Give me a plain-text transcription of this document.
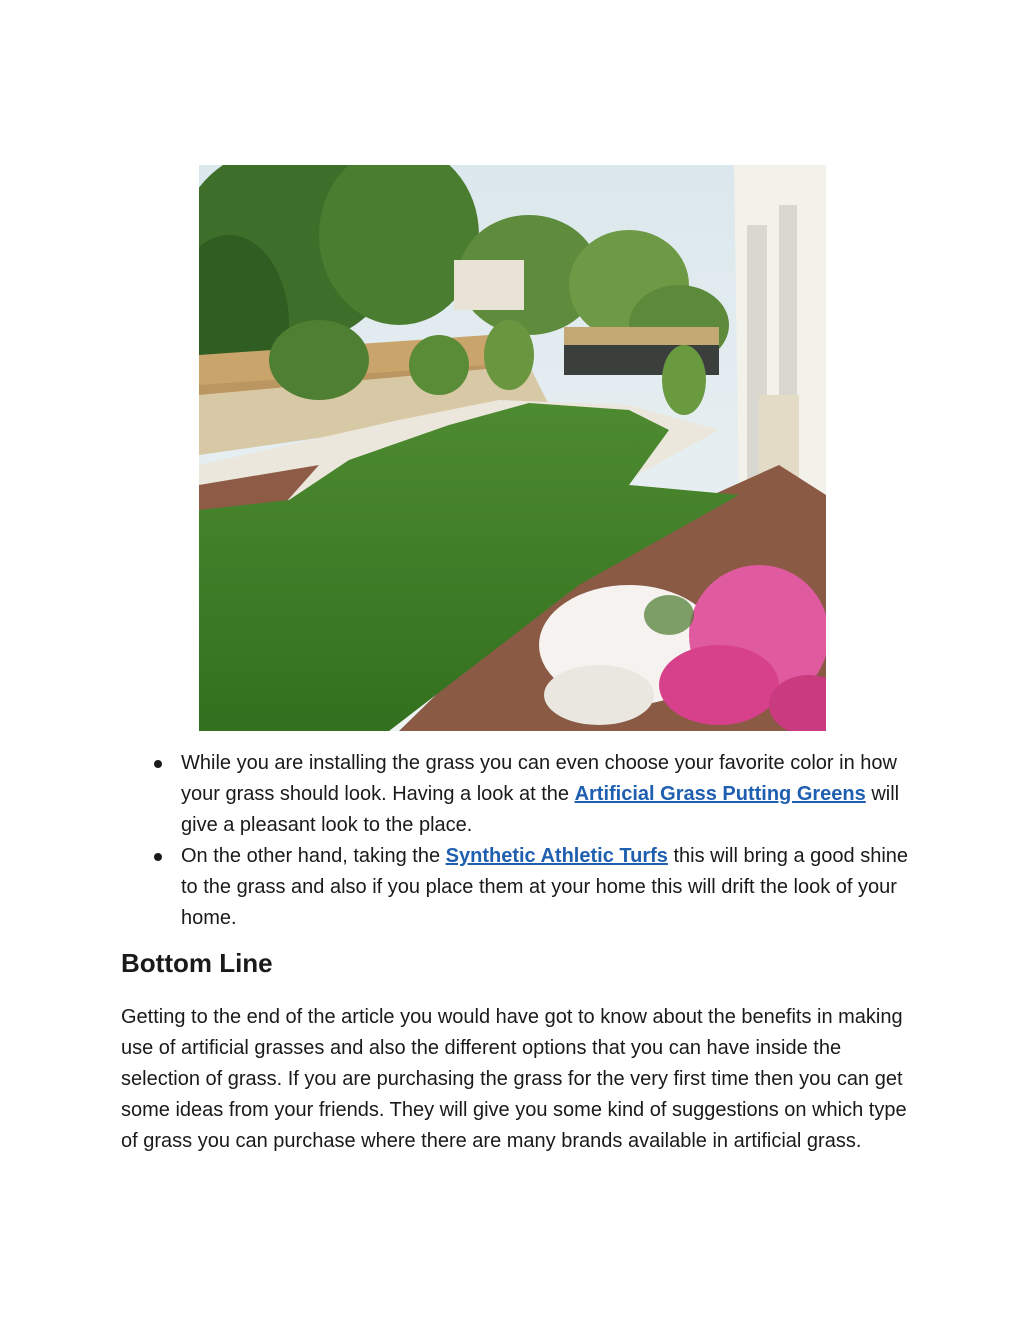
While you are installing the grass you can even choose your favorite color in how your grass should look. Having a look at the Artificial Grass Putting Greens will give a pleasant look to the place.
On the other hand, taking the Synthetic Athletic Turfs this will bring a good shine to the grass and also if you place them at your home this will drift the look of your home.
Bottom Line

Getting to the end of the article you would have got to know about the benefits in making use of artificial grasses and also the different options that you can have inside the selection of grass. If you are purchasing the grass for the very first time then you can get some ideas from your friends. They will give you some kind of suggestions on which type of grass you can purchase where there are many brands available in artificial grass.
